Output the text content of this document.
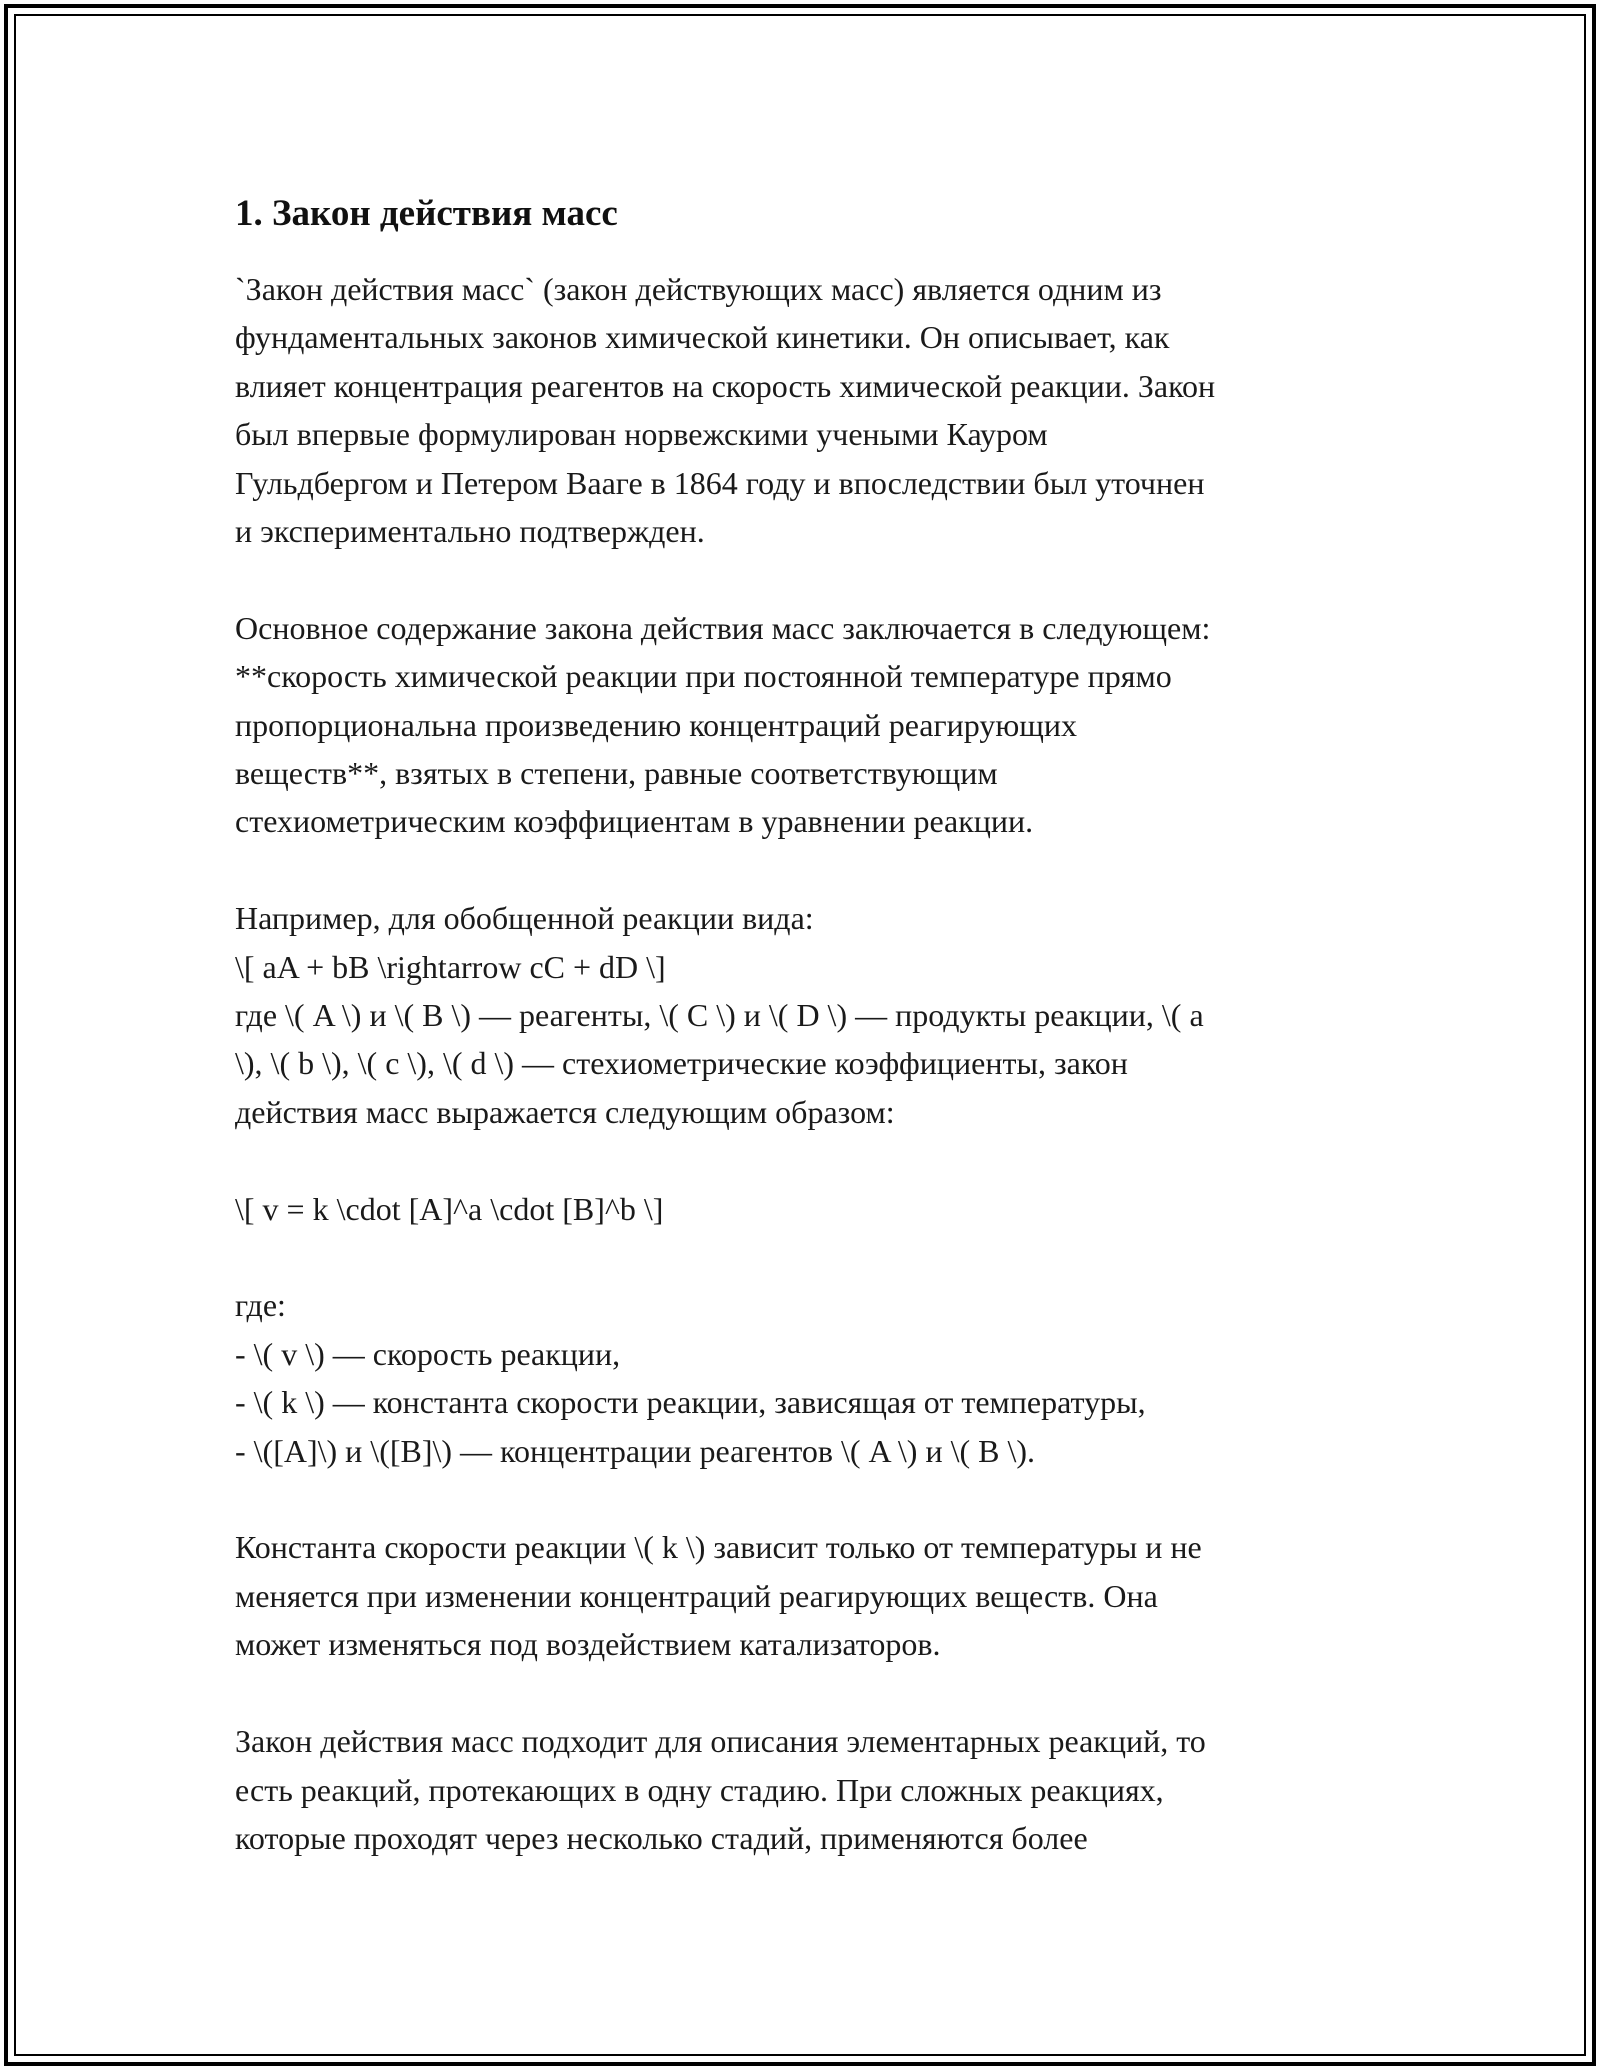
1. Закон действия масс
`Закон действия масс` (закон действующих масс) является одним из
фундаментальных законов химической кинетики. Он описывает, как
влияет концентрация реагентов на скорость химической реакции. Закон
был впервые формулирован норвежскими учеными Кауром
Гульдбергом и Петером Вааге в 1864 году и впоследствии был уточнен
и экспериментально подтвержден.
Основное содержание закона действия масс заключается в следующем:
**скорость химической реакции при постоянной температуре прямо
пропорциональна произведению концентраций реагирующих
веществ**, взятых в степени, равные соответствующим
стехиометрическим коэффициентам в уравнении реакции.
Например, для обобщенной реакции вида:
\[ aA + bB \rightarrow cC + dD \]
где \( A \) и \( B \) — реагенты, \( C \) и \( D \) — продукты реакции, \( a
\), \( b \), \( c \), \( d \) — стехиометрические коэффициенты, закон
действия масс выражается следующим образом:
\[ v = k \cdot [A]^a \cdot [B]^b \]
где:
- \( v \) — скорость реакции,
- \( k \) — константа скорости реакции, зависящая от температуры,
- \([A]\) и \([B]\) — концентрации реагентов \( A \) и \( B \).
Константа скорости реакции \( k \) зависит только от температуры и не
меняется при изменении концентраций реагирующих веществ. Она
может изменяться под воздействием катализаторов.
Закон действия масс подходит для описания элементарных реакций, то
есть реакций, протекающих в одну стадию. При сложных реакциях,
которые проходят через несколько стадий, применяются более
